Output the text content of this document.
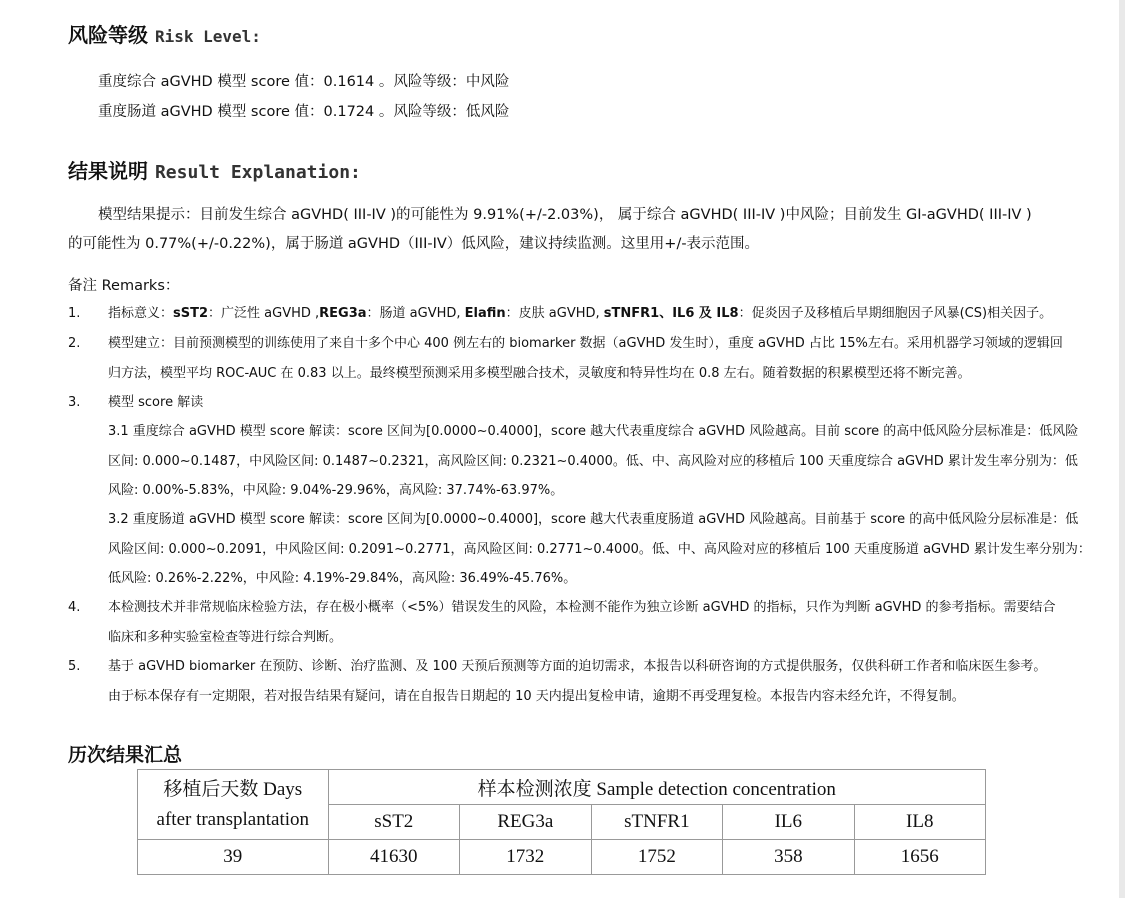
风险等级 Risk Level:
重度综合 aGVHD 模型 score 值：0.1614 。风险等级：中风险
重度肠道 aGVHD 模型 score 值：0.1724 。风险等级：低风险
结果说明 Result Explanation:
模型结果提示：目前发生综合 aGVHD( III-IV )的可能性为 9.91%(+/-2.03%)， 属于综合 aGVHD( III-IV )中风险；目前发生 GI-aGVHD( III-IV )
的可能性为 0.77%(+/-0.22%)，属于肠道 aGVHD（III-IV）低风险，建议持续监测。这里用+/-表示范围。
备注 Remarks：
1. 指标意义：sST2：广泛性 aGVHD ,REG3a：肠道 aGVHD, Elafin：皮肤 aGVHD, sTNFR1、IL6 及 IL8：促炎因子及移植后早期细胞因子风暴(CS)相关因子。
2. 模型建立：目前预测模型的训练使用了来自十多个中心 400 例左右的 biomarker 数据（aGVHD 发生时），重度 aGVHD 占比 15%左右。采用机器学习领域的逻辑回
归方法，模型平均 ROC-AUC 在 0.83 以上。最终模型预测采用多模型融合技术，灵敏度和特异性均在 0.8 左右。随着数据的积累模型还将不断完善。
3. 模型 score 解读
3.1 重度综合 aGVHD 模型 score 解读：score 区间为[0.0000~0.4000]，score 越大代表重度综合 aGVHD 风险越高。目前 score 的高中低风险分层标准是：低风险
区间: 0.000~0.1487，中风险区间: 0.1487~0.2321，高风险区间: 0.2321~0.4000。低、中、高风险对应的移植后 100 天重度综合 aGVHD 累计发生率分别为：低
风险: 0.00%-5.83%，中风险: 9.04%-29.96%，高风险: 37.74%-63.97%。
3.2 重度肠道 aGVHD 模型 score 解读：score 区间为[0.0000~0.4000]，score 越大代表重度肠道 aGVHD 风险越高。目前基于 score 的高中低风险分层标准是：低
风险区间: 0.000~0.2091，中风险区间: 0.2091~0.2771，高风险区间: 0.2771~0.4000。低、中、高风险对应的移植后 100 天重度肠道 aGVHD 累计发生率分别为：
低风险: 0.26%-2.22%，中风险: 4.19%-29.84%，高风险: 36.49%-45.76%。
4. 本检测技术并非常规临床检验方法，存在极小概率（<5%）错误发生的风险，本检测不能作为独立诊断 aGVHD 的指标，只作为判断 aGVHD 的参考指标。需要结合
临床和多种实验室检查等进行综合判断。
5. 基于 aGVHD biomarker 在预防、诊断、治疗监测、及 100 天预后预测等方面的迫切需求，本报告以科研咨询的方式提供服务，仅供科研工作者和临床医生参考。
由于标本保存有一定期限，若对报告结果有疑问，请在自报告日期起的 10 天内提出复检申请，逾期不再受理复检。本报告内容未经允许，不得复制。
历次结果汇总
移植后天数 Days
after transplantation	样本检测浓度 Sample detection concentration				
	sST2	REG3a	sTNFR1	IL6	IL8
39	41630	1732	1752	358	1656
